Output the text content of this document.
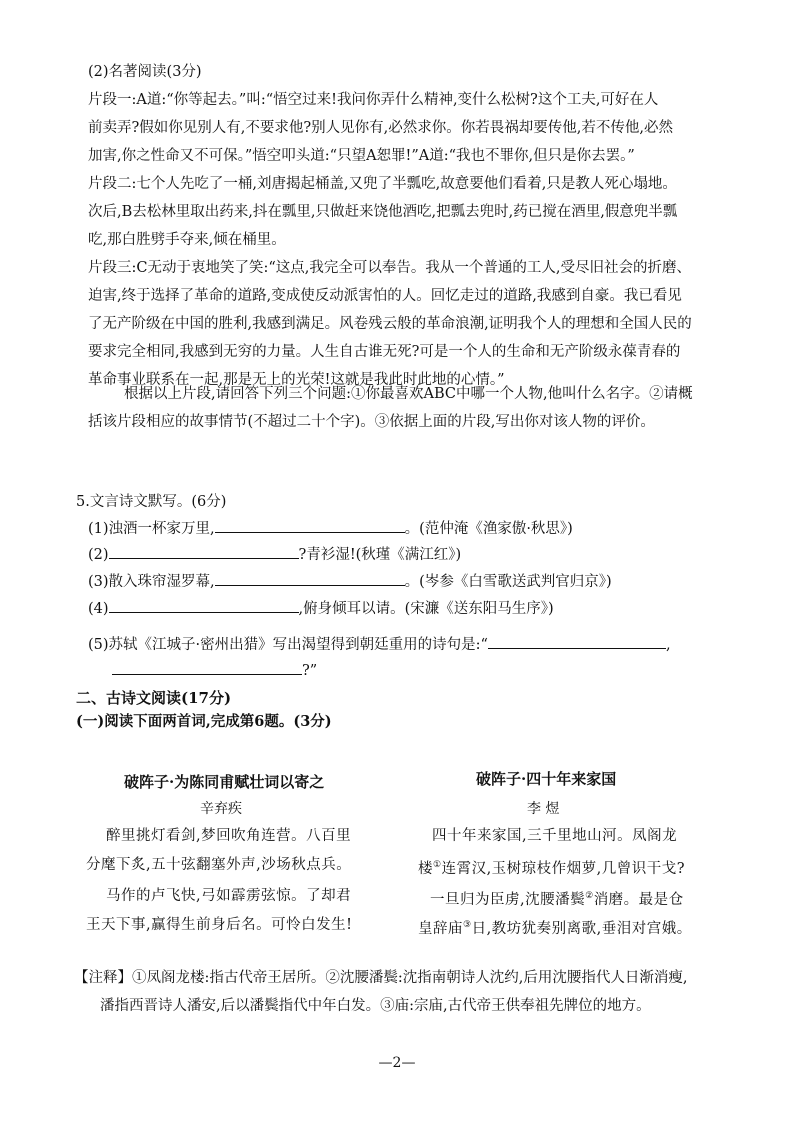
(2)名著阅读(3分)
片段一:A道:“你等起去。”叫:“悟空过来!我问你弄什么精神,变什么松树?这个工夫,可好在人
前卖弄?假如你见别人有,不要求他?别人见你有,必然求你。你若畏祸却要传他,若不传他,必然
加害,你之性命又不可保。”悟空叩头道:“只望A恕罪!”A道:“我也不罪你,但只是你去罢。”
片段二:七个人先吃了一桶,刘唐揭起桶盖,又兜了半瓢吃,故意要他们看着,只是教人死心塌地。
次后,B去松林里取出药来,抖在瓢里,只做赶来饶他酒吃,把瓢去兜时,药已搅在酒里,假意兜半瓢
吃,那白胜劈手夺来,倾在桶里。
片段三:C无动于衷地笑了笑:“这点,我完全可以奉告。我从一个普通的工人,受尽旧社会的折磨、
迫害,终于选择了革命的道路,变成使反动派害怕的人。回忆走过的道路,我感到自豪。我已看见
了无产阶级在中国的胜利,我感到满足。风卷残云般的革命浪潮,证明我个人的理想和全国人民的
要求完全相同,我感到无穷的力量。人生自古谁无死?可是一个人的生命和无产阶级永葆青春的
革命事业联系在一起,那是无上的光荣!这就是我此时此地的心情。”
根据以上片段,请回答下列三个问题:①你最喜欢ABC中哪一个人物,他叫什么名字。②请概
括该片段相应的故事情节(不超过二十个字)。③依据上面的片段,写出你对该人物的评价。
5.文言诗文默写。(6分)
(1)浊酒一杯家万里,	。(范仲淹《渔家傲·秋思》)
(2)	?青衫湿!(秋瑾《满江红》)
(3)散入珠帘湿罗幕,	。(岑参《白雪歌送武判官归京》)
(4)	,俯身倾耳以请。(宋濂《送东阳马生序》)
(5)苏轼《江城子·密州出猎》写出渴望得到朝廷重用的诗句是:“	,
?”
二、古诗文阅读(17分)
(一)阅读下面两首词,完成第6题。(3分)
破阵子·为陈同甫赋壮词以寄之
辛弃疾
醉里挑灯看剑,梦回吹角连营。八百里
分麾下炙,五十弦翻塞外声,沙场秋点兵。
马作的卢飞快,弓如霹雳弦惊。了却君
王天下事,赢得生前身后名。可怜白发生!
破阵子·四十年来家国
李 煜
四十年来家国,三千里地山河。凤阁龙
楼①连霄汉,玉树琼枝作烟萝,几曾识干戈?
一旦归为臣虏,沈腰潘鬓②消磨。最是仓
皇辞庙③日,教坊犹奏别离歌,垂泪对宫娥。
【注释】①凤阁龙楼:指古代帝王居所。②沈腰潘鬓:沈指南朝诗人沈约,后用沈腰指代人日渐消瘦,
潘指西晋诗人潘安,后以潘鬓指代中年白发。③庙:宗庙,古代帝王供奉祖先牌位的地方。
—2—
